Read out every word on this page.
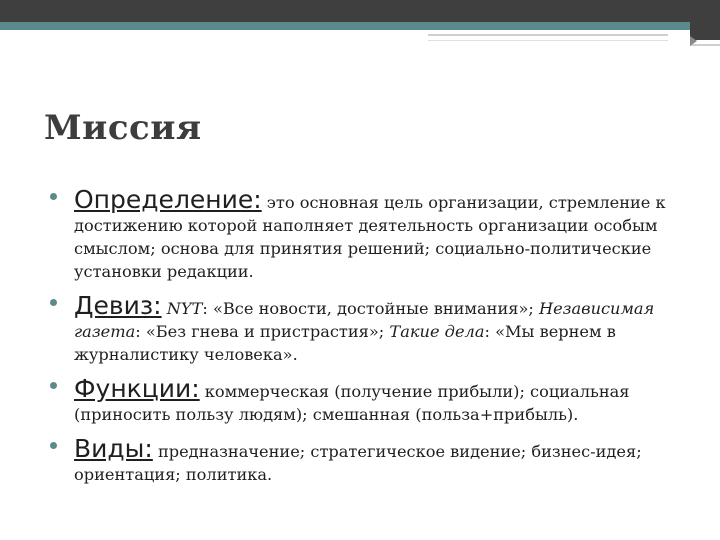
Миссия
Определение: это основная цель организации, стремление к достижению которой наполняет деятельность организации особым смыслом; основа для принятия решений; социально-политические установки редакции.
Девиз: NYT: «Все новости, достойные внимания»; Независимая газета: «Без гнева и пристрастия»; Такие дела: «Мы вернем в журналистику человека».
Функции: коммерческая (получение прибыли); социальная (приносить пользу людям); смешанная (польза+прибыль).
Виды: предназначение; стратегическое видение; бизнес-идея; ориентация; политика.
